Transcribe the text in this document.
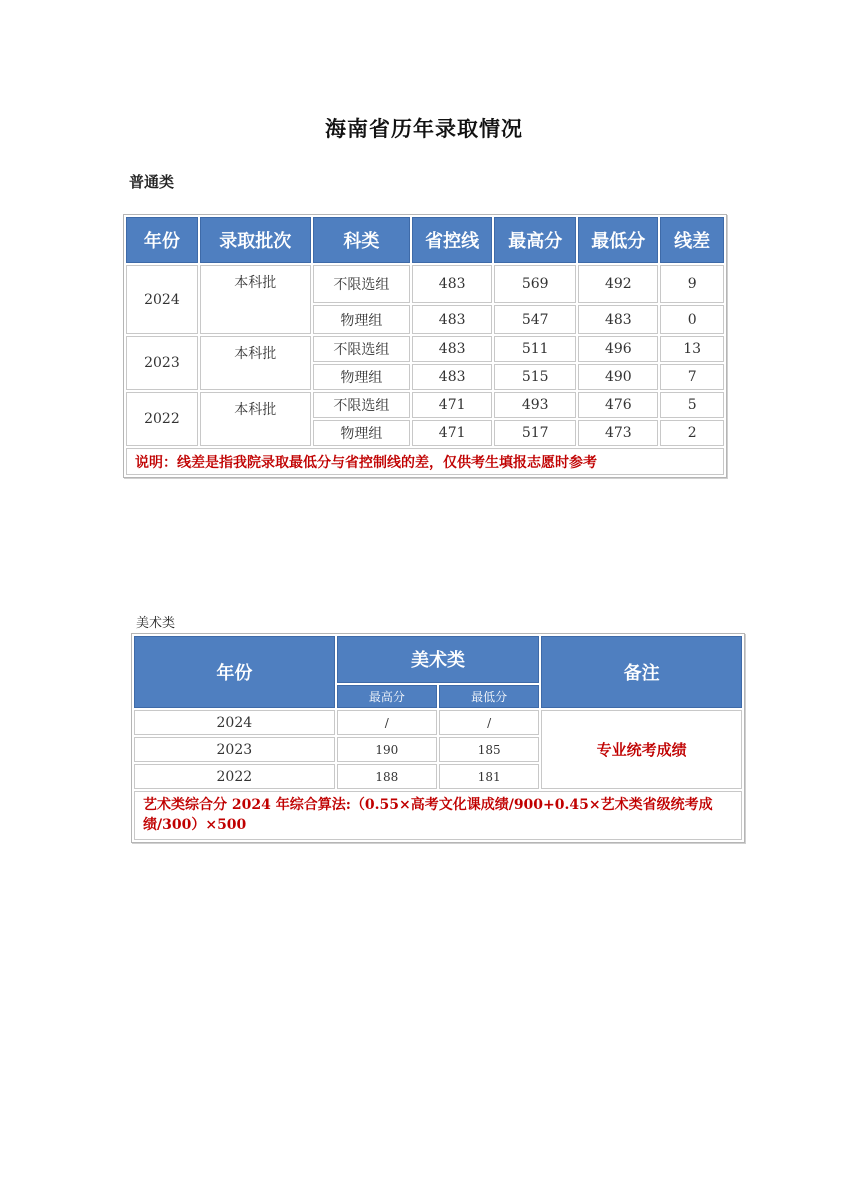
海南省历年录取情况
普通类
年份	录取批次	科类	省控线	最高分	最低分	线差
2024	本科批	不限选组	483	569	492	9
		物理组	483	547	483	0
2023	本科批	不限选组	483	511	496	13
		物理组	483	515	490	7
2022	本科批	不限选组	471	493	476	5
		物理组	471	517	473	2
说明：线差是指我院录取最低分与省控制线的差，仅供考生填报志愿时参考						
美术类
年份	美术类		备注
	最高分	最低分	
2024	/	/	专业统考成绩
2023	190	185	
2022	188	181	
艺术类综合分 2024 年综合算法:（0.55×高考文化课成绩/900+0.45×艺术类省级统考成绩/300）×500			
